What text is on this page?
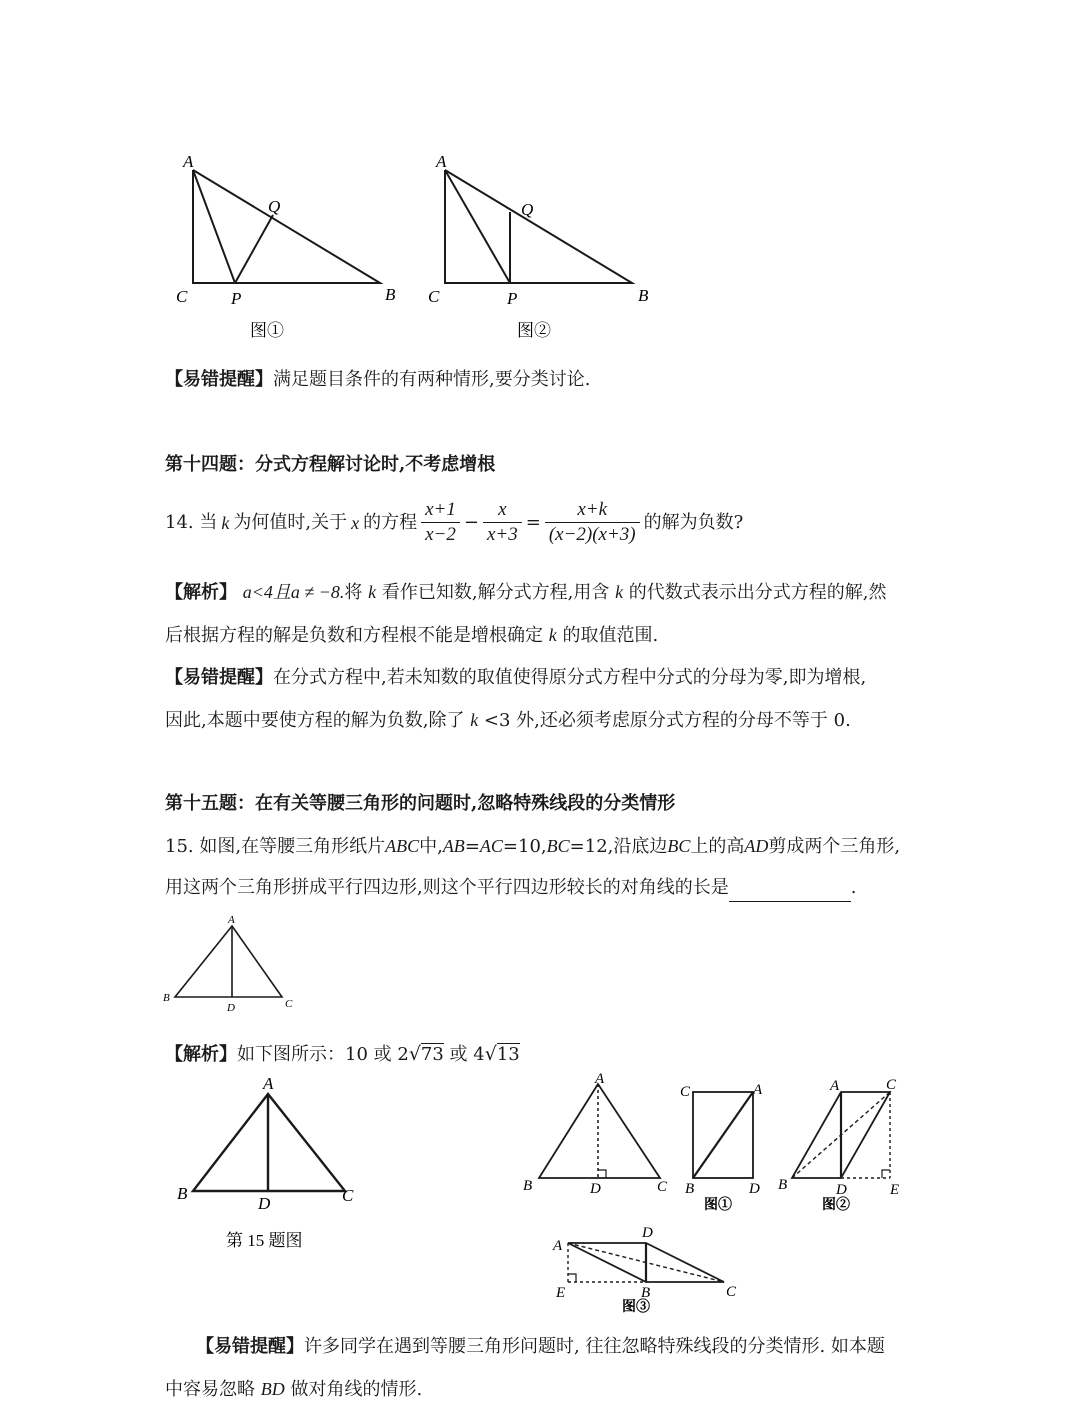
A
Q
C	P	B
图①
A
Q
C	P	B
图②
【易错提醒】满足题目条件的有两种情形,要分类讨论.
第十四题：分式方程解讨论时,不考虑增根
14. 当 k 为何值时,关于 x 的方程 $\frac{x+1}{x-2} - \frac{x}{x+3} = \frac{x+k}{(x-2)(x+3)}$ 的解为负数?
【解析】 a<4且a ≠ −8.将 k 看作已知数,解分式方程,用含 k 的代数式表示出分式方程的解,然
后根据方程的解是负数和方程根不能是增根确定 k 的取值范围.
【易错提醒】在分式方程中,若未知数的取值使得原分式方程中分式的分母为零,即为增根,
因此,本题中要使方程的解为负数,除了 k <3 外,还必须考虑原分式方程的分母不等于 0.
第十五题：在有关等腰三角形的问题时,忽略特殊线段的分类情形
15. 如图,在等腰三角形纸片ABC中,AB=AC=10,BC=12,沿底边BC上的高AD剪成两个三角形,
用这两个三角形拼成平行四边形,则这个平行四边形较长的对角线的长是	.
A
B
D	C
【解析】如下图所示：10 或 2√73 或 4√13
A
B
D	C
第 15 题图
A
B	D	C
C	A
B	D
图①
A	C
B	D	E
图②
A
D
E	B	C
图③
【易错提醒】许多同学在遇到等腰三角形问题时, 往往忽略特殊线段的分类情形. 如本题
中容易忽略 BD 做对角线的情形.
